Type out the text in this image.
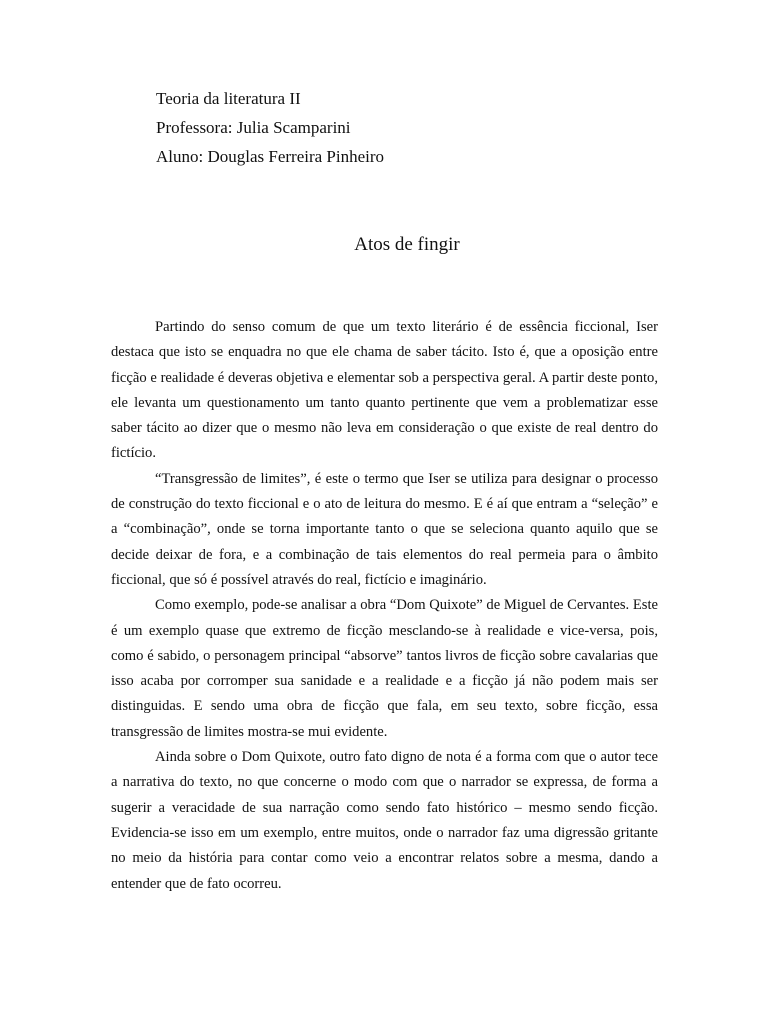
Teoria da literatura II
Professora: Julia Scamparini
Aluno: Douglas Ferreira Pinheiro
Atos de fingir

Partindo do senso comum de que um texto literário é de essência ficcional, Iser destaca que isto se enquadra no que ele chama de saber tácito. Isto é, que a oposição entre ficção e realidade é deveras objetiva e elementar sob a perspectiva geral. A partir deste ponto, ele levanta um questionamento um tanto quanto pertinente que vem a problematizar esse saber tácito ao dizer que o mesmo não leva em consideração o que existe de real dentro do fictício.

“Transgressão de limites”, é este o termo que Iser se utiliza para designar o processo de construção do texto ficcional e o ato de leitura do mesmo. E é aí que entram a “seleção” e a “combinação”, onde se torna importante tanto o que se seleciona quanto aquilo que se decide deixar de fora, e a combinação de tais elementos do real permeia para o âmbito ficcional, que só é possível através do real, fictício e imaginário.

Como exemplo, pode-se analisar a obra “Dom Quixote” de Miguel de Cervantes. Este é um exemplo quase que extremo de ficção mesclando-se à realidade e vice-versa, pois, como é sabido, o personagem principal “absorve” tantos livros de ficção sobre cavalarias que isso acaba por corromper sua sanidade e a realidade e a ficção já não podem mais ser distinguidas. E sendo uma obra de ficção que fala, em seu texto, sobre ficção, essa transgressão de limites mostra-se mui evidente.

Ainda sobre o Dom Quixote, outro fato digno de nota é a forma com que o autor tece a narrativa do texto, no que concerne o modo com que o narrador se expressa, de forma a sugerir a veracidade de sua narração como sendo fato histórico – mesmo sendo ficção. Evidencia-se isso em um exemplo, entre muitos, onde o narrador faz uma digressão gritante no meio da história para contar como veio a encontrar relatos sobre a mesma, dando a entender que de fato ocorreu.
